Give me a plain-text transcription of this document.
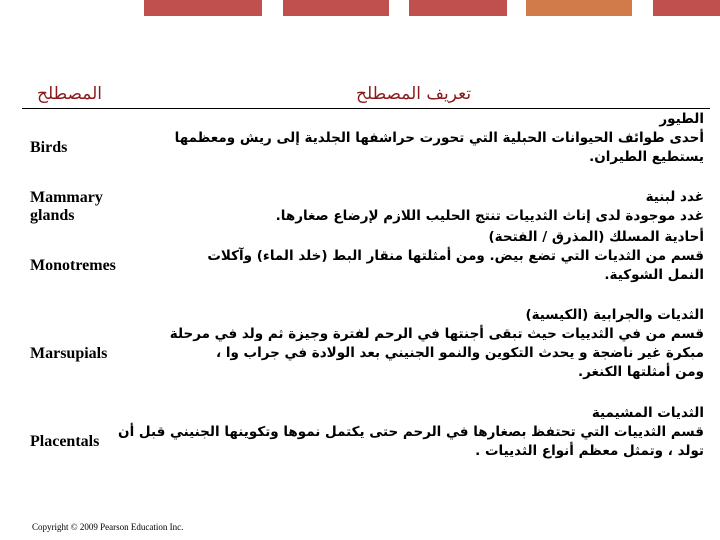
المصطلح	تعريف المصطلح
Birds	الطيور
أحدى طوائف الحيوانات الحبلية التي تحورت حراشفها الجلدية إلى ريش ومعظمها
يستطيع الطيران.

Mammary glands	غدد لبنية
غدد موجودة لدى إناث الثدييات تنتج الحليب اللازم لإرضاع صغارها.

Monotremes	أحادية المسلك (المذرق / الفتحة)
قسم من الثديات التي تضع بيض. ومن أمثلتها منقار البط (خلد الماء) وآكلات
النمل الشوكية.

Marsupials	الثديات والجرابية (الكيسية)
قسم من في الثدييات حيث تبقى أجنتها في الرحم لفترة وجيزة ثم ولد في مرحلة
مبكرة غير ناضجة و يحدث التكوين والنمو الجنيني بعد الولادة في جراب وا ،
ومن أمثلتها الكنغر.

Placentals	الثديات المشيمية
قسم الثدييات التي تحتفظ بصغارها في الرحم حتى يكتمل نموها وتكوينها الجنيني قبل أن
تولد ، وتمثل معظم أنواع الثدييات .
Copyright © 2009 Pearson Education Inc.
